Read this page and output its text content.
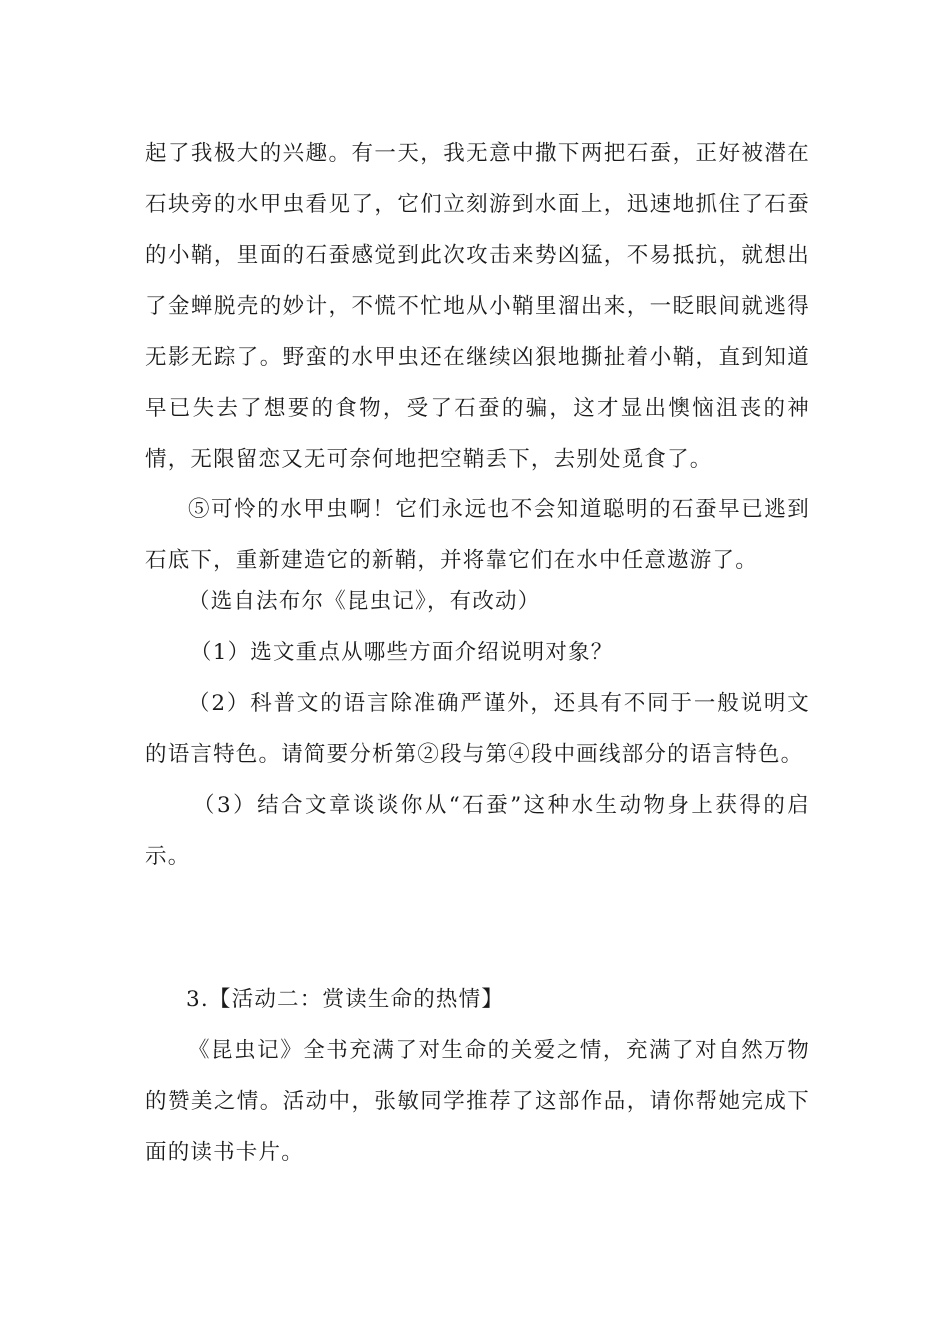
起了我极大的兴趣。有一天，我无意中撒下两把石蚕，正好被潜在石块旁的水甲虫看见了，它们立刻游到水面上，迅速地抓住了石蚕的小鞘，里面的石蚕感觉到此次攻击来势凶猛，不易抵抗，就想出了金蝉脱壳的妙计，不慌不忙地从小鞘里溜出来，一眨眼间就逃得无影无踪了。野蛮的水甲虫还在继续凶狠地撕扯着小鞘，直到知道早已失去了想要的食物，受了石蚕的骗，这才显出懊恼沮丧的神情，无限留恋又无可奈何地把空鞘丢下，去别处觅食了。

⑤可怜的水甲虫啊！它们永远也不会知道聪明的石蚕早已逃到石底下，重新建造它的新鞘，并将靠它们在水中任意遨游了。

（选自法布尔《昆虫记》，有改动）

（1）选文重点从哪些方面介绍说明对象？

（2）科普文的语言除准确严谨外，还具有不同于一般说明文的语言特色。请简要分析第②段与第④段中画线部分的语言特色。

（3）结合文章谈谈你从“石蚕”这种水生动物身上获得的启示。

3.【活动二：赏读生命的热情】

《昆虫记》全书充满了对生命的关爱之情，充满了对自然万物的赞美之情。活动中，张敏同学推荐了这部作品，请你帮她完成下面的读书卡片。
